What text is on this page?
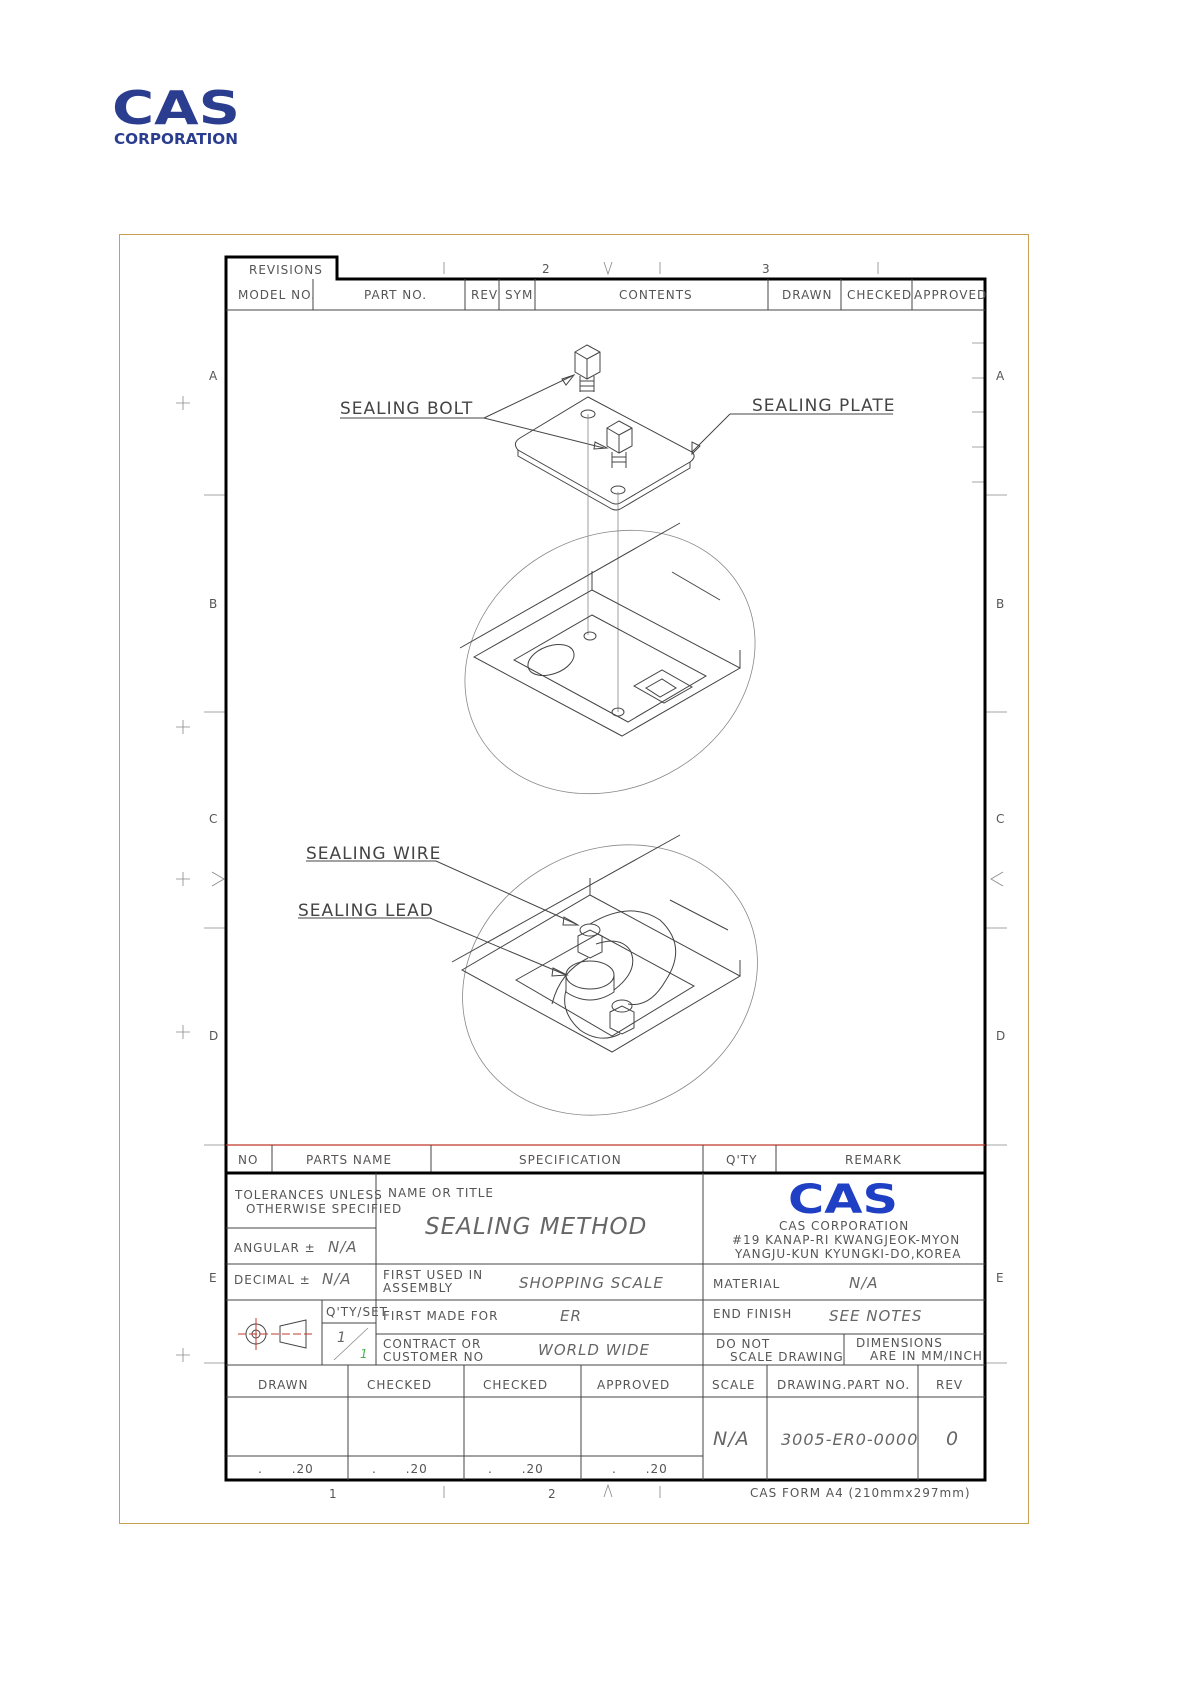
CAS
CORPORATION
A
B
C
D
E
A
B
C
D
E
2	3
1	2
REVISIONS
MODEL NO.	PART NO.	REV SYM	CONTENTS	DRAWN CHECKED APPROVED
SEALING BOLT	SEALING PLATE
SEALING WIRE
SEALING LEAD
NO	PARTS NAME	SPECIFICATION	Q'TY	REMARK
TOLERANCES UNLESS
OTHERWISE SPECIFIED
ANGULAR ± N/A
DECIMAL ± N/A
NAME OR TITLE
SEALING METHOD
CAS
CAS CORPORATION
#19 KANAP-RI KWANGJEOK-MYON
YANGJU-KUN KYUNGKI-DO,KOREA
FIRST USED IN
ASSEMBLY	SHOPPING SCALE	MATERIAL	N/A
Q'TY/SET
1
1
FIRST MADE FOR	ER	END FINISH SEE NOTES
CONTRACT OR
CUSTOMER NO	WORLD WIDE	DO NOT
SCALE DRAWING
DIMENSIONS
ARE IN MM/INCH
DRAWN	CHECKED	CHECKED	APPROVED
.      .20	.      .20	.      .20	.      .20
SCALE DRAWING.PART NO. REV
N/A 3005-ER0-0000 0
CAS FORM A4 (210mmx297mm)
